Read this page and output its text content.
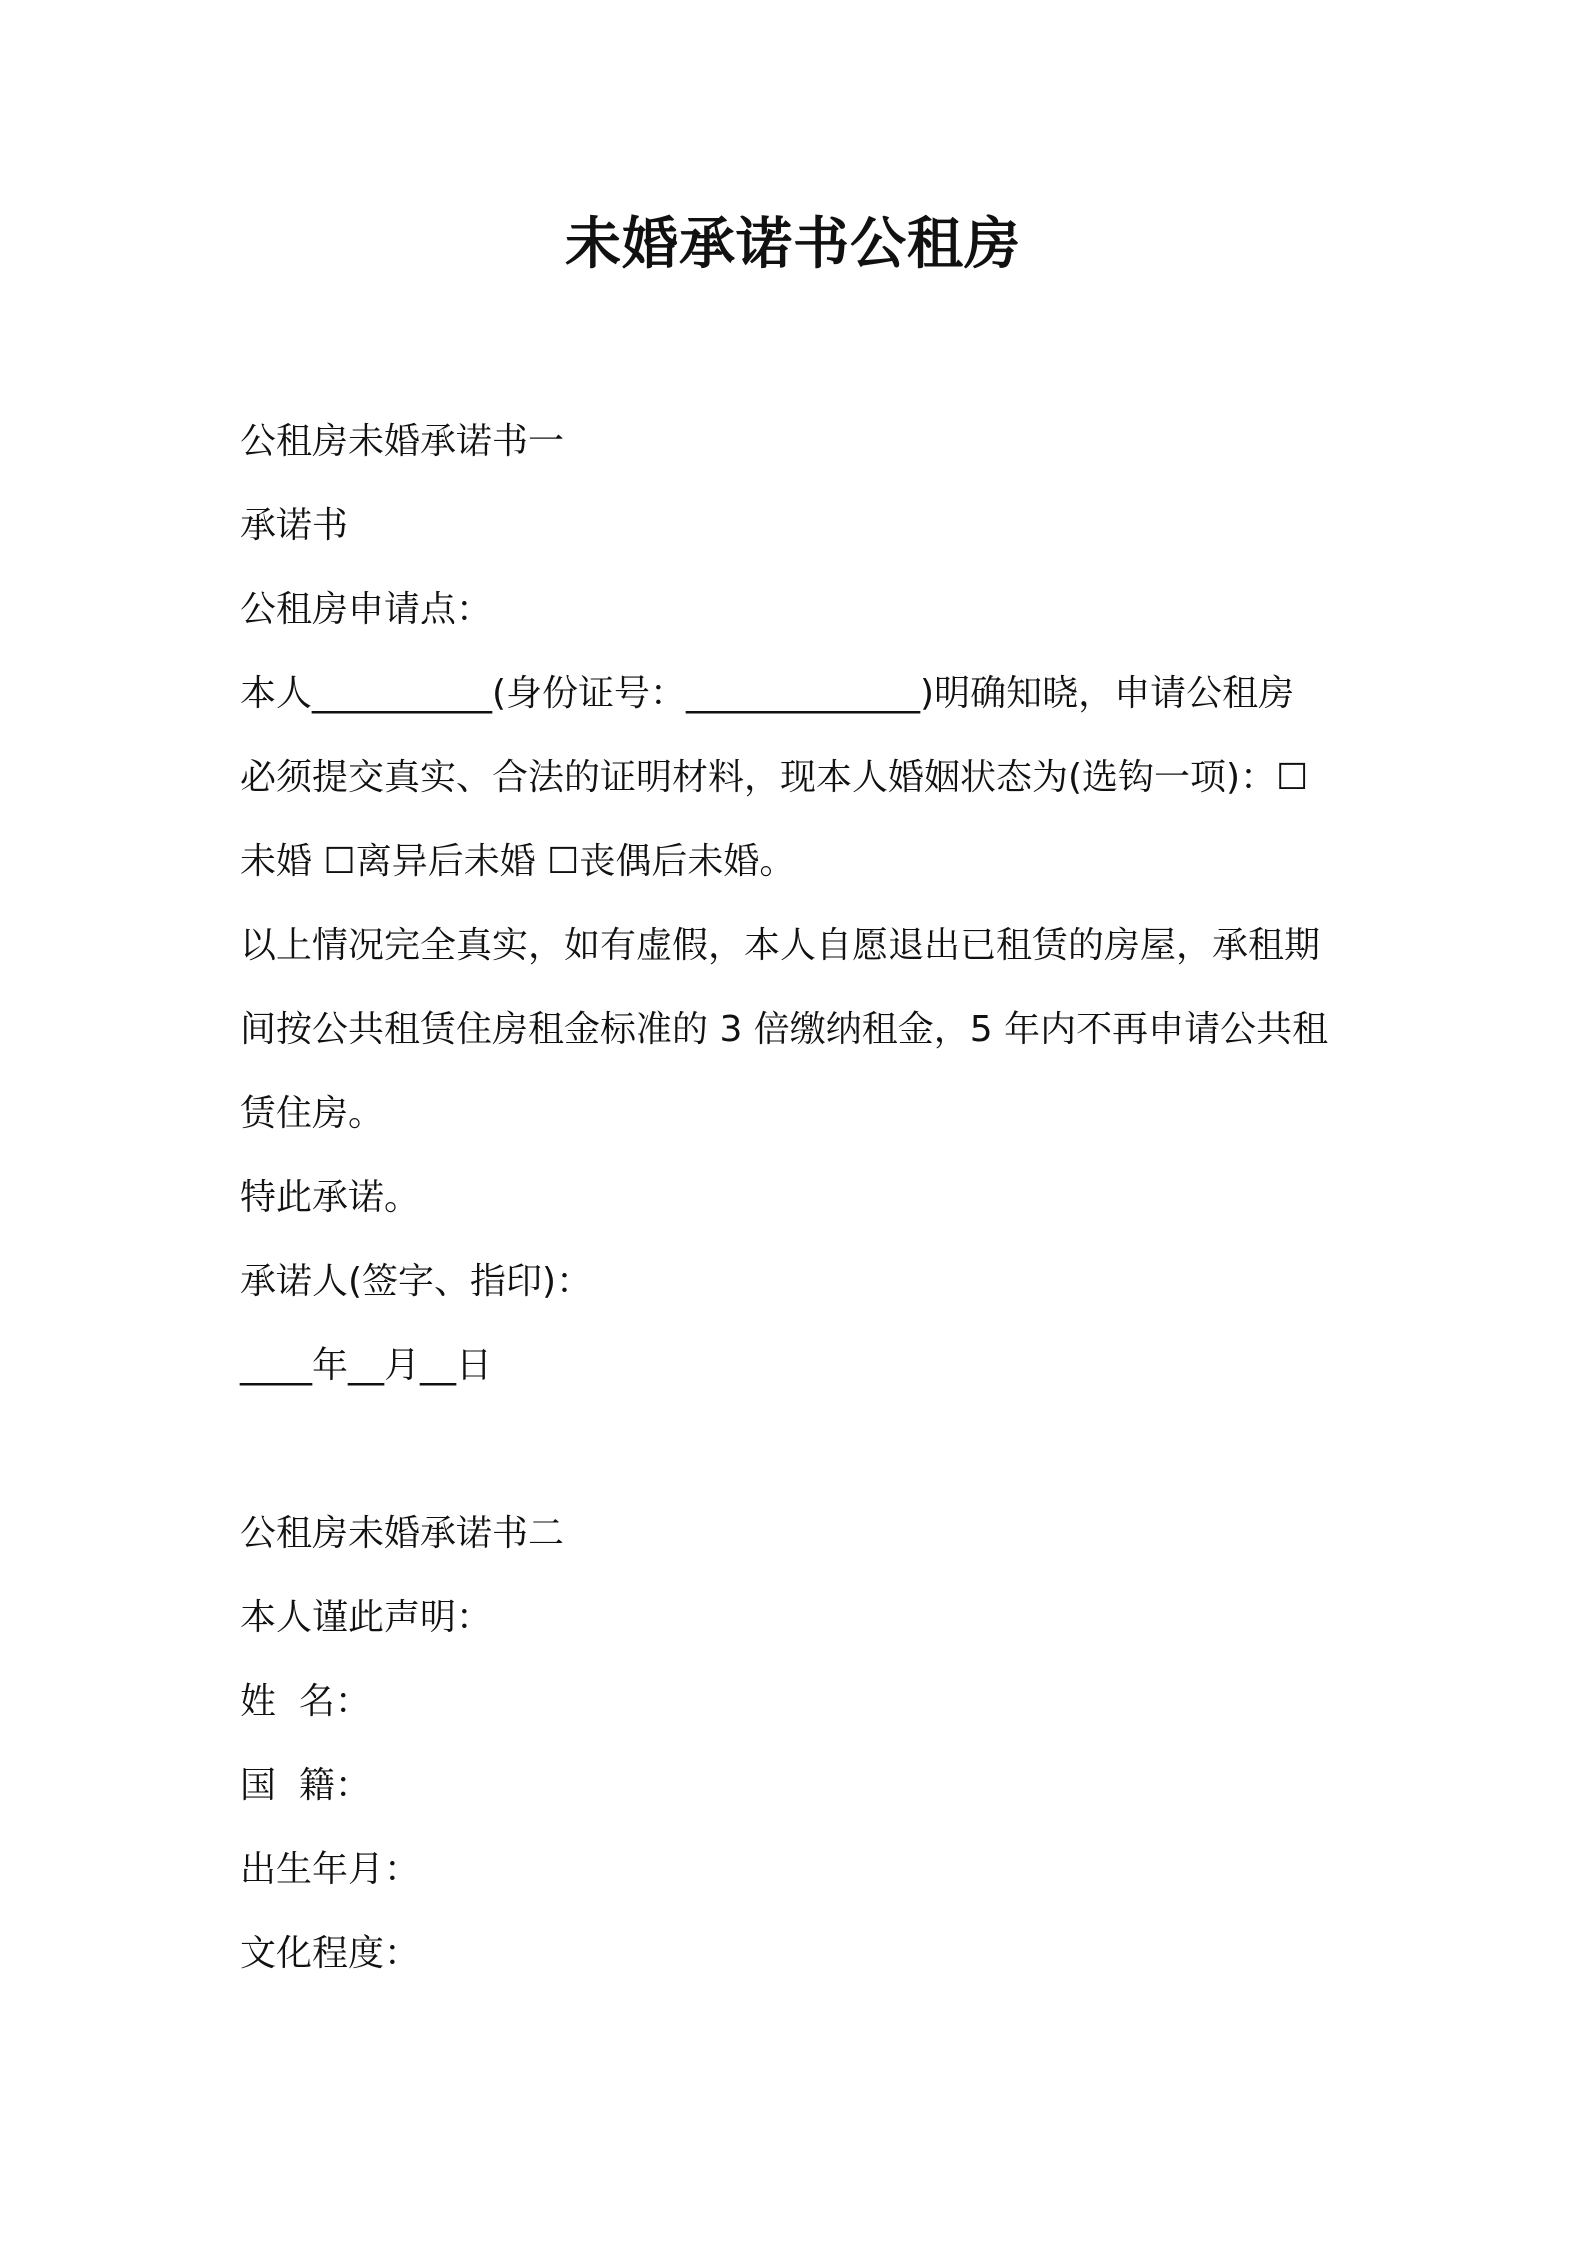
未婚承诺书公租房
公租房未婚承诺书一
承诺书
公租房申请点：
本人__________(身份证号：_____________)明确知晓，申请公租房
必须提交真实、合法的证明材料，现本人婚姻状态为(选钩一项)：☐
未婚 ☐离异后未婚 ☐丧偶后未婚。
以上情况完全真实，如有虚假，本人自愿退出已租赁的房屋，承租期
间按公共租赁住房租金标准的 3 倍缴纳租金，5 年内不再申请公共租
赁住房。
特此承诺。
承诺人(签字、指印)：
____年__月__日
公租房未婚承诺书二
本人谨此声明：
姓  名：
国  籍：
出生年月：
文化程度：
